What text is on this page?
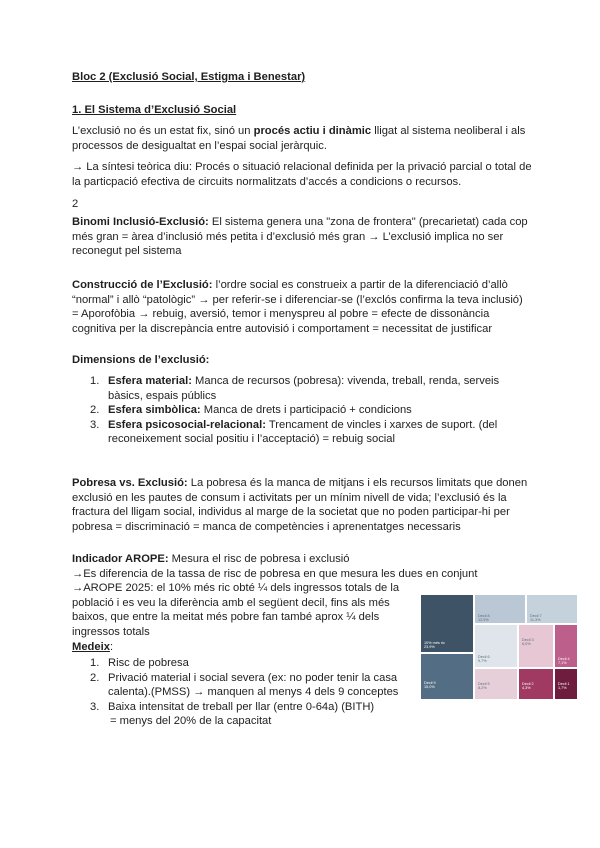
Bloc 2 (Exclusió Social, Estigma i Benestar)
1. El Sistema d’Exclusió Social
L’exclusió no és un estat fix, sinó un procés actiu i dinàmic lligat al sistema neoliberal i als processos de desigualtat en l’espai social jeràrquic.
→ La síntesi teòrica diu: Procés o situació relacional definida per la privació parcial o total de la particpació efectiva de circuits normalitzats d’accés a condicions o recursos.
2
Binomi Inclusió-Exclusió: El sistema genera una "zona de frontera" (precarietat) cada cop més gran = àrea d’inclusió més petita i d’exclusió més gran → L’exclusió implica no ser reconegut pel sistema
Construcció de l’Exclusió: l’ordre social es construeix a partir de la diferenciació d’allò “normal” i allò “patològic” → per referir-se i diferenciar-se (l’exclós confirma la teva inclusió) = Aporofòbia → rebuig, aversió, temor i menyspreu al pobre = efecte de dissonància cognitiva per la discrepància entre autovisió i comportament = necessitat de justificar
Dimensions de l’exclusió:
1. Esfera material: Manca de recursos (pobresa): vivenda, treball, renda, serveis bàsics, espais públics
2. Esfera simbòlica: Manca de drets i participació + condicions
3. Esfera psicosocial-relacional: Trencament de vincles i xarxes de suport. (del reconeixement social positiu i l’acceptació) = rebuig social
Pobresa vs. Exclusió: La pobresa és la manca de mitjans i els recursos limitats que donen exclusió en les pautes de consum i activitats per un mínim nivell de vida; l’exclusió és la fractura del lligam social, individus al marge de la societat que no poden participar-hi per pobresa = discriminació = manca de competències i aprenentatges necessaris
Indicador AROPE: Mesura el risc de pobresa i exclusió
→Es diferencia de la tassa de risc de pobresa en que mesura les dues en conjunt
→AROPE 2025: el 10% més ric obté ¼ dels ingressos totals de la
població i es veu la diferència amb el següent decil, fins als més
baixos, que entre la meitat més pobre fan també aprox ¼ dels
ingressos totals
Medeix:
1. Risc de pobresa
2. Privació material i social severa (ex: no poder tenir la casa calenta).(PMSS) → manquen al menys 4 dels 9 conceptes
3. Baixa intensitat de treball per llar (entre 0-64a) (BITH)
= menys del 20% de la capacitat
10% més ric
23,9%
Decil 9
15,0%
Decil 8
12,9%
Decil 7
11,3%
Decil 6
9,7%
Decil 5
8,2%
Decil 4
7,1%
Decil 3
6,0%
Decil 2
4,3%
Decil 1
1,7%
